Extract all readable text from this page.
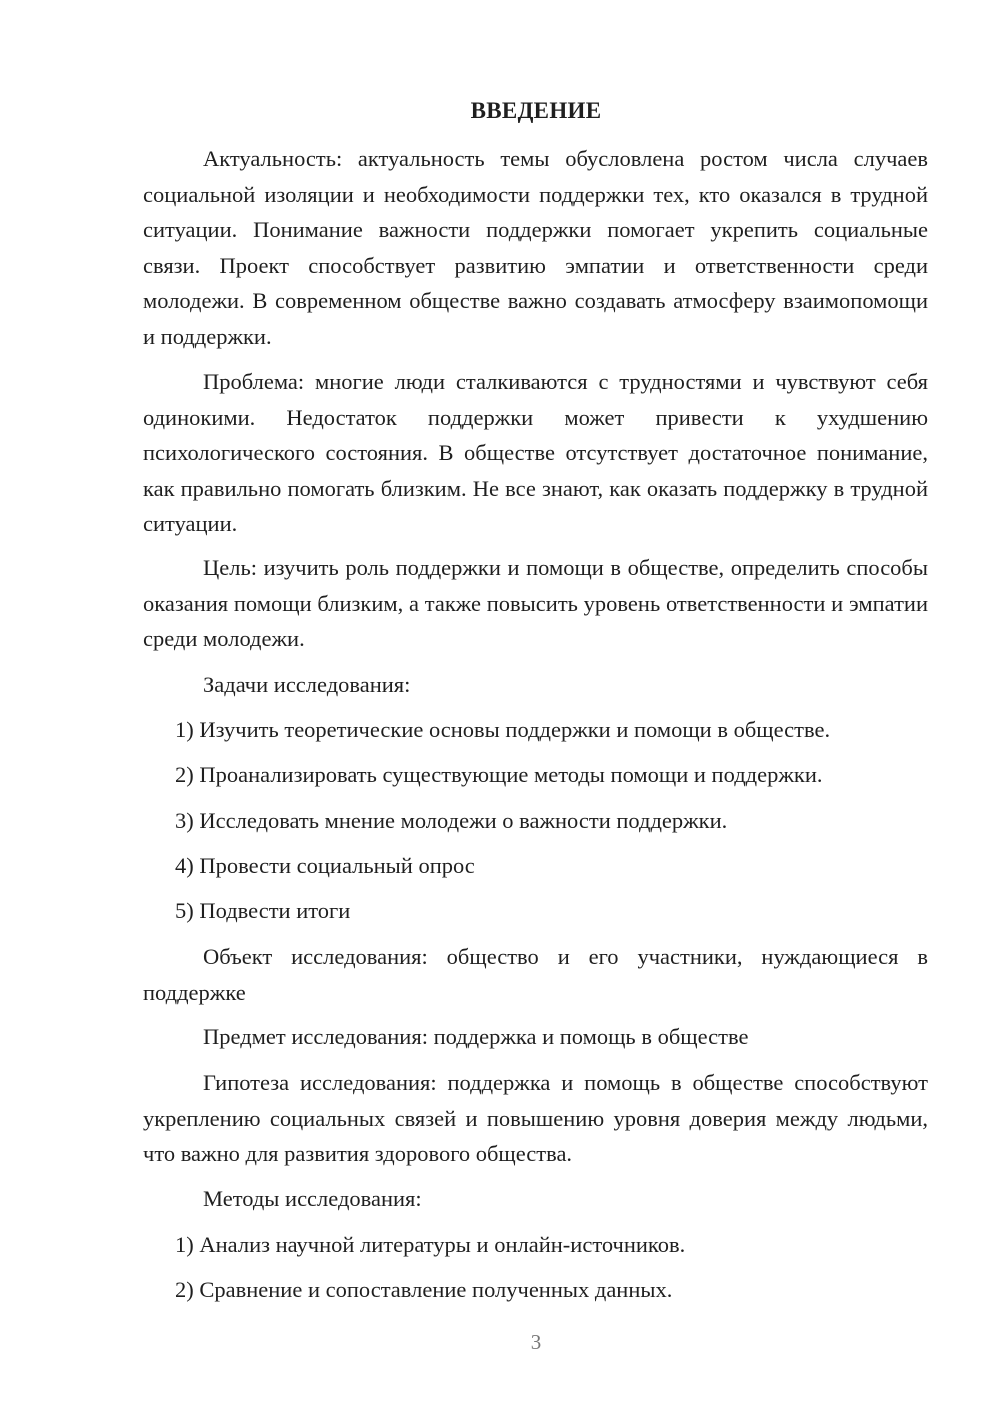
ВВЕДЕНИЕ

Актуальность: актуальность темы обусловлена ростом числа случаев социальной изоляции и необходимости поддержки тех, кто оказался в трудной ситуации. Понимание важности поддержки помогает укрепить социальные связи. Проект способствует развитию эмпатии и ответственности среди молодежи. В современном обществе важно создавать атмосферу взаимопомощи и поддержки.

Проблема: многие люди сталкиваются с трудностями и чувствуют себя одинокими. Недостаток поддержки может привести к ухудшению психологического состояния. В обществе отсутствует достаточное понимание, как правильно помогать близким. Не все знают, как оказать поддержку в трудной ситуации.

Цель: изучить роль поддержки и помощи в обществе, определить способы оказания помощи близким, а также повысить уровень ответственности и эмпатии среди молодежи.

Задачи исследования:
1) Изучить теоретические основы поддержки и помощи в обществе.
2) Проанализировать существующие методы помощи и поддержки.
3) Исследовать мнение молодежи о важности поддержки.
4) Провести социальный опрос
5) Подвести итоги

Объект исследования: общество и его участники, нуждающиеся в поддержке

Предмет исследования: поддержка и помощь в обществе

Гипотеза исследования: поддержка и помощь в обществе способствуют укреплению социальных связей и повышению уровня доверия между людьми, что важно для развития здорового общества.

Методы исследования:
1) Анализ научной литературы и онлайн-источников.
2) Сравнение и сопоставление полученных данных.
3
